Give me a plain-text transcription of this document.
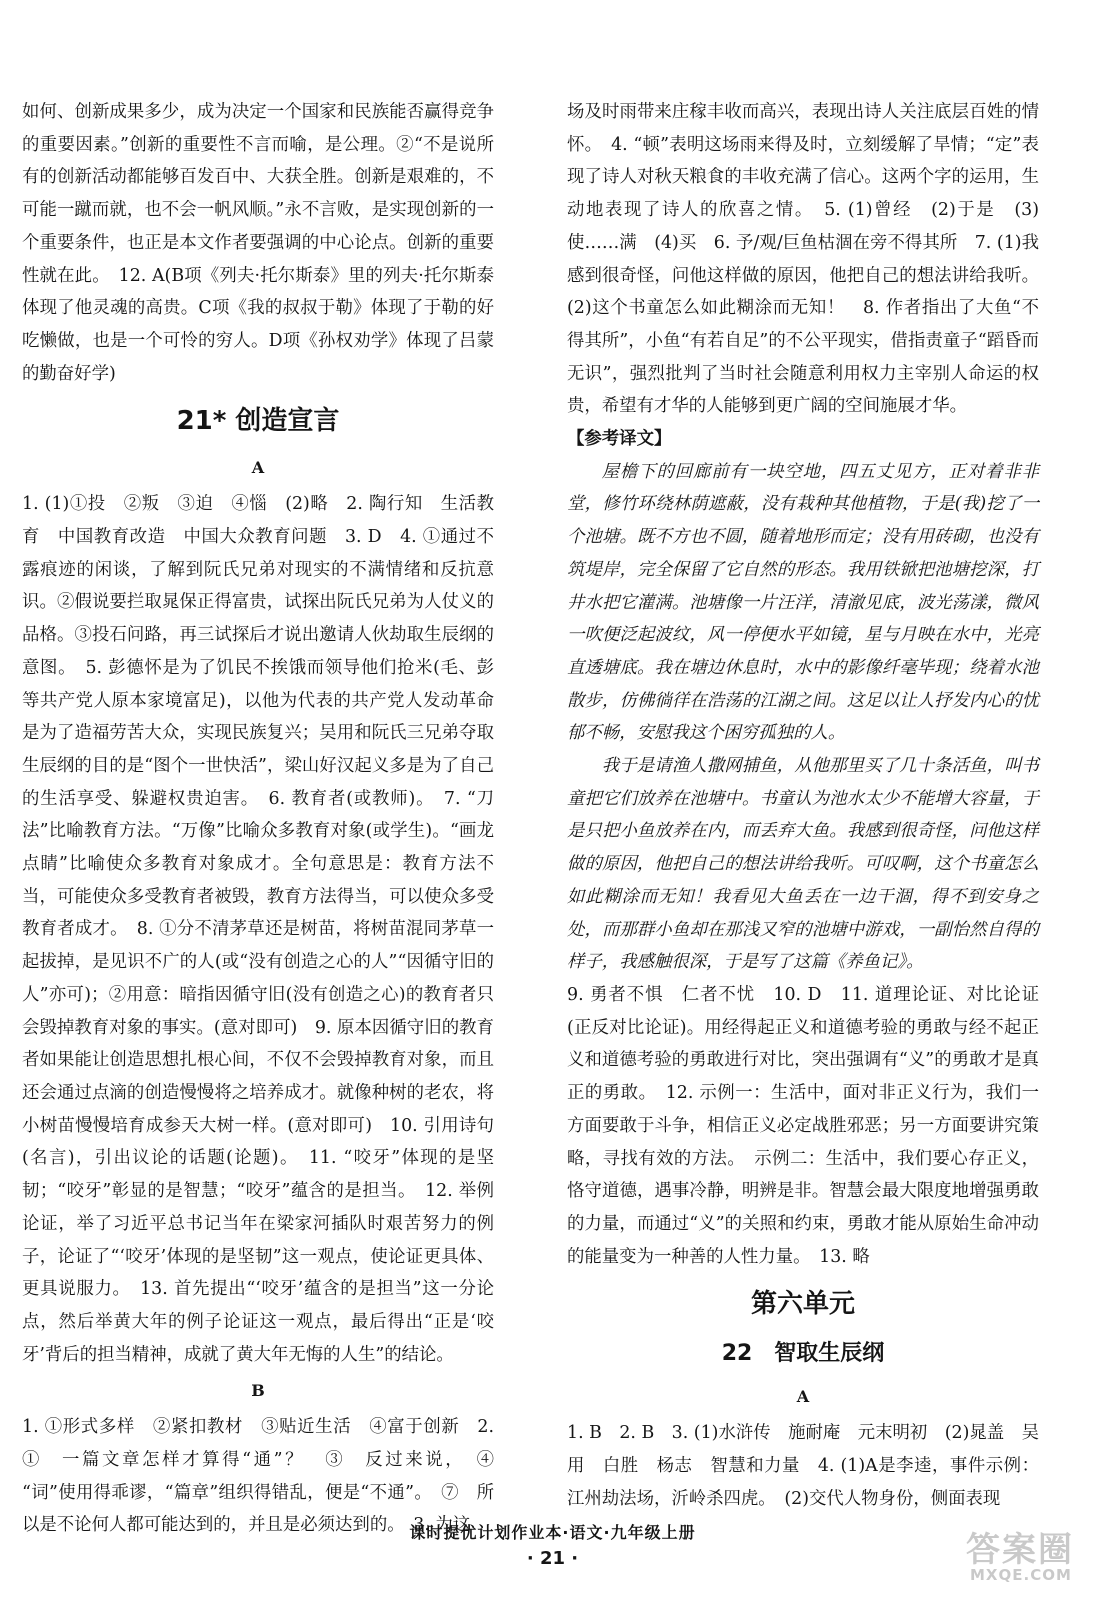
如何、创新成果多少，成为决定一个国家和民族能否赢得竞争的重要因素。”创新的重要性不言而喻，是公理。②“不是说所有的创新活动都能够百发百中、大获全胜。创新是艰难的，不可能一蹴而就，也不会一帆风顺。”永不言败，是实现创新的一个重要条件，也正是本文作者要强调的中心论点。创新的重要性就在此。　12. A(B项《列夫·托尔斯泰》里的列夫·托尔斯泰体现了他灵魂的高贵。C项《我的叔叔于勒》体现了于勒的好吃懒做，也是一个可怜的穷人。D项《孙权劝学》体现了吕蒙的勤奋好学)

21* 创造宣言
A

1. (1)①投　②叛　③迫　④惱　(2)略　2. 陶行知　生活教育　中国教育改造　中国大众教育问题　3. D　4. ①通过不露痕迹的闲谈，了解到阮氏兄弟对现实的不满情绪和反抗意识。②假说要拦取晁保正得富贵，试探出阮氏兄弟为人仗义的品格。③投石问路，再三试探后才说出邀请人伙劫取生辰纲的意图。　5. 彭德怀是为了饥民不挨饿而领导他们抢米(毛、彭等共产党人原本家境富足)，以他为代表的共产党人发动革命是为了造福劳苦大众，实现民族复兴；吴用和阮氏三兄弟夺取生辰纲的目的是“图个一世快活”，梁山好汉起义多是为了自己的生活享受、躲避权贵迫害。　6. 教育者(或教师)。　7. “刀法”比喻教育方法。“万像”比喻众多教育对象(或学生)。“画龙点睛”比喻使众多教育对象成才。全句意思是：教育方法不当，可能使众多受教育者被毁，教育方法得当，可以使众多受教育者成才。　8. ①分不清茅草还是树苗，将树苗混同茅草一起拔掉，是见识不广的人(或“没有创造之心的人”“因循守旧的人”亦可)；②用意：暗指因循守旧(没有创造之心)的教育者只会毁掉教育对象的事实。(意对即可)　9. 原本因循守旧的教育者如果能让创造思想扎根心间，不仅不会毁掉教育对象，而且还会通过点滴的创造慢慢将之培养成才。就像种树的老农，将小树苗慢慢培育成参天大树一样。(意对即可)　10. 引用诗句(名言)，引出议论的话题(论题)。　11. “咬牙”体现的是坚韧；“咬牙”彰显的是智慧；“咬牙”蕴含的是担当。　12. 举例论证，举了习近平总书记当年在梁家河插队时艰苦努力的例子，论证了“‘咬牙’体现的是坚韧”这一观点，使论证更具体、更具说服力。　13. 首先提出“‘咬牙’蕴含的是担当”这一分论点，然后举黄大年的例子论证这一观点，最后得出“正是‘咬牙’背后的担当精神，成就了黄大年无悔的人生”的结论。

B

1. ①形式多样　②紧扣教材　③贴近生活　④富于创新　2. ①　一篇文章怎样才算得“通”？　③　反过来说，　④　“词”使用得乖谬，“篇章”组织得错乱，便是“不通”。　⑦　所以是不论何人都可能达到的，并且是必须达到的。　3. 为这

场及时雨带来庄稼丰收而高兴，表现出诗人关注底层百姓的情怀。　4. “顿”表明这场雨来得及时，立刻缓解了旱情；“定”表现了诗人对秋天粮食的丰收充满了信心。这两个字的运用，生动地表现了诗人的欣喜之情。　5. (1)曾经　(2)于是　(3)使……满　(4)买　6. 予/观/巨鱼枯涸在旁不得其所　7. (1)我感到很奇怪，问他这样做的原因，他把自己的想法讲给我听。(2)这个书童怎么如此糊涂而无知！　8. 作者指出了大鱼“不得其所”，小鱼“有若自足”的不公平现实，借指责童子“蹈昏而无识”，强烈批判了当时社会随意利用权力主宰别人命运的权贵，希望有才华的人能够到更广阔的空间施展才华。

【参考译文】

屋檐下的回廊前有一块空地，四五丈见方，正对着非非堂，修竹环绕林荫遮蔽，没有栽种其他植物，于是(我)挖了一个池塘。既不方也不圆，随着地形而定；没有用砖砌，也没有筑堤岸，完全保留了它自然的形态。我用铁锨把池塘挖深，打井水把它灌满。池塘像一片汪洋，清澈见底，波光荡漾，微风一吹便泛起波纹，风一停便水平如镜，星与月映在水中，光亮直透塘底。我在塘边休息时，水中的影像纤毫毕现；绕着水池散步，仿佛徜徉在浩荡的江湖之间。这足以让人抒发内心的忧郁不畅，安慰我这个困穷孤独的人。

我于是请渔人撒网捕鱼，从他那里买了几十条活鱼，叫书童把它们放养在池塘中。书童认为池水太少不能增大容量，于是只把小鱼放养在内，而丢弃大鱼。我感到很奇怪，问他这样做的原因，他把自己的想法讲给我听。可叹啊，这个书童怎么如此糊涂而无知！我看见大鱼丢在一边干涸，得不到安身之处，而那群小鱼却在那浅又窄的池塘中游戏，一副怡然自得的样子，我感触很深，于是写了这篇《养鱼记》。

9. 勇者不惧　仁者不忧　10. D　11. 道理论证、对比论证(正反对比论证)。用经得起正义和道德考验的勇敢与经不起正义和道德考验的勇敢进行对比，突出强调有“义”的勇敢才是真正的勇敢。　12. 示例一：生活中，面对非正义行为，我们一方面要敢于斗争，相信正义必定战胜邪恶；另一方面要讲究策略，寻找有效的方法。　示例二：生活中，我们要心存正义，恪守道德，遇事冷静，明辨是非。智慧会最大限度地增强勇敢的力量，而通过“义”的关照和约束，勇敢才能从原始生命冲动的能量变为一种善的人性力量。　13. 略

第六单元
22　智取生辰纲
A

1. B　2. B　3. (1)水浒传　施耐庵　元末明初　(2)晁盖　吴用　白胜　杨志　智慧和力量　4. (1)A是李逵，事件示例：江州劫法场，沂岭杀四虎。　(2)交代人物身份，侧面表现

课时提优计划作业本·语文·九年级上册
· 21 ·	答案圈
MXQE.COM
